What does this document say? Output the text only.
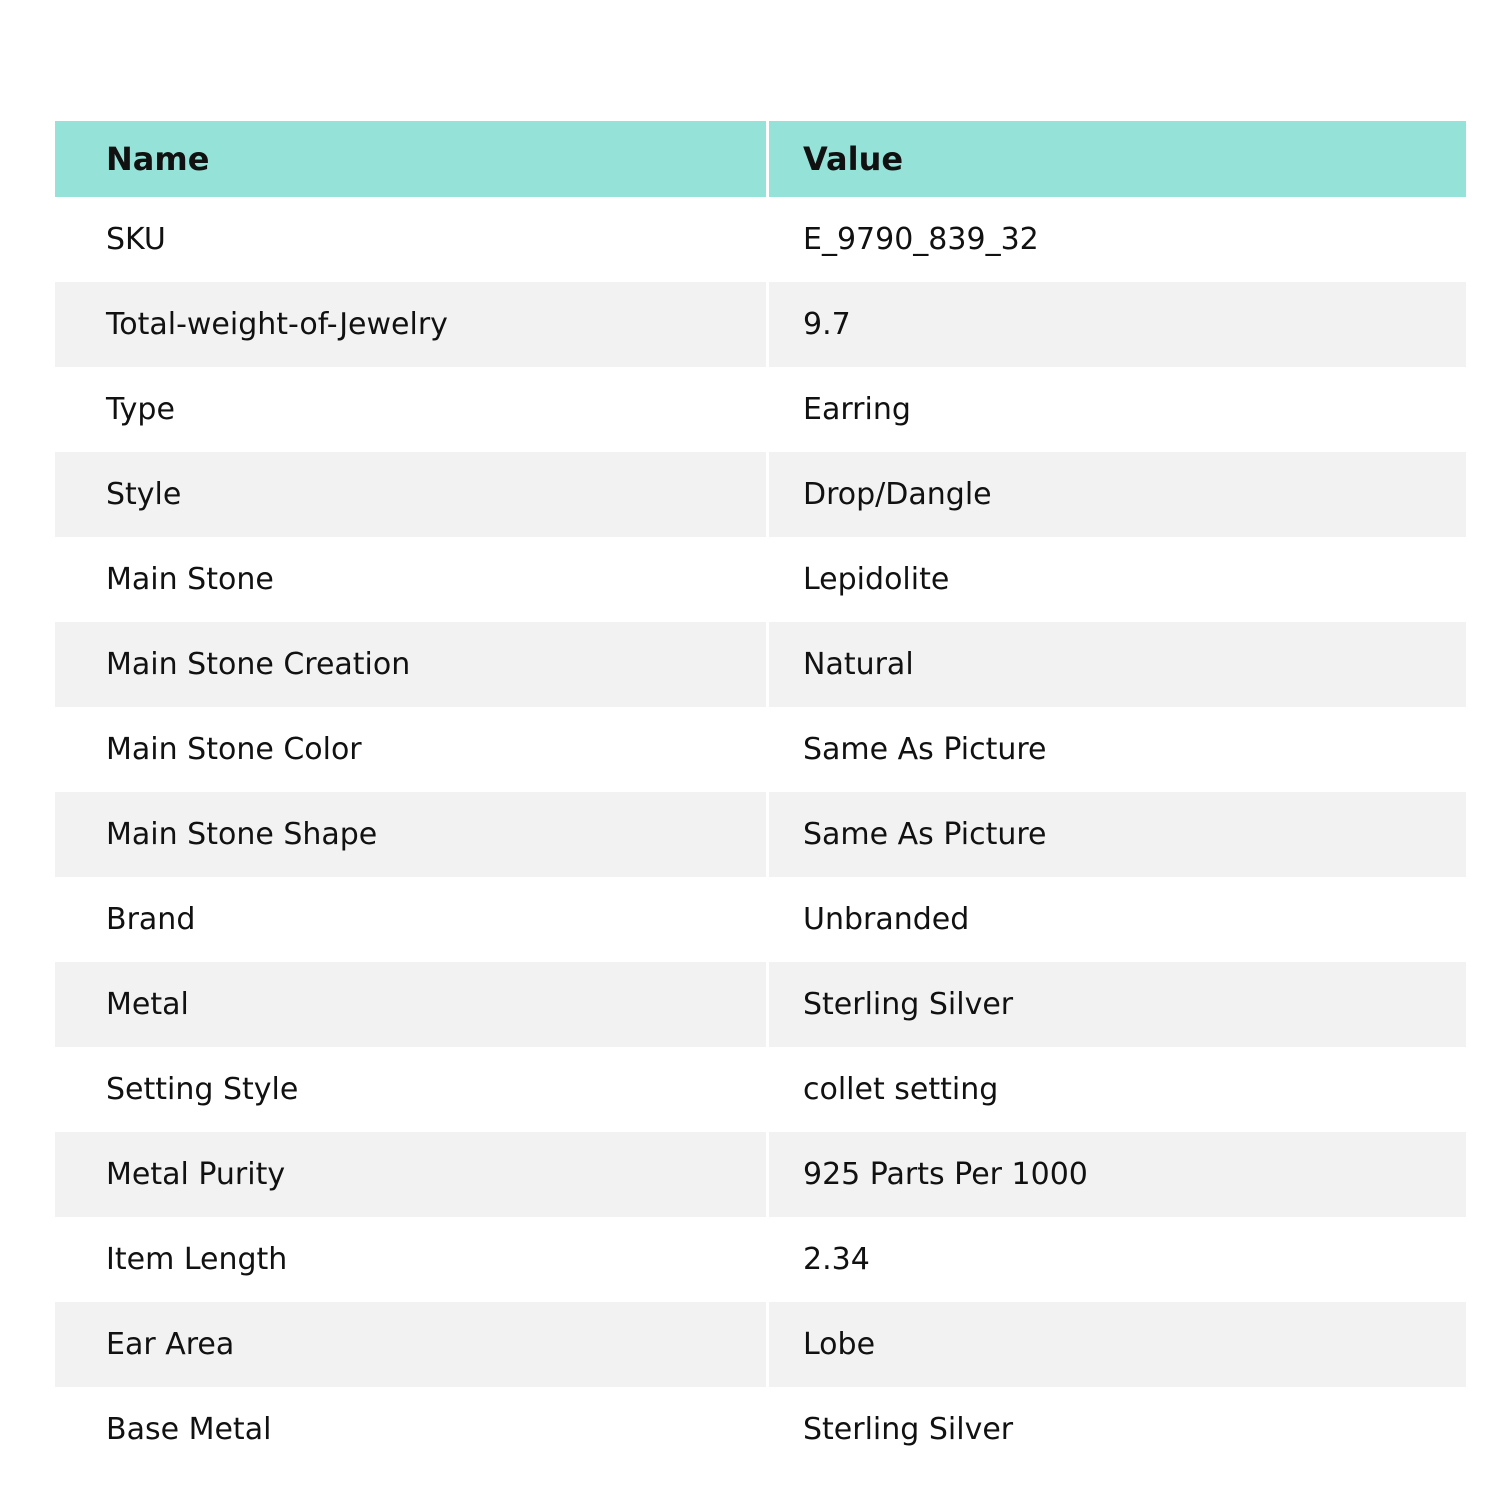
Name	Value
SKU	E_9790_839_32
Total-weight-of-Jewelry	9.7
Type	Earring
Style	Drop/Dangle
Main Stone	Lepidolite
Main Stone Creation	Natural
Main Stone Color	Same As Picture
Main Stone Shape	Same As Picture
Brand	Unbranded
Metal	Sterling Silver
Setting Style	collet setting
Metal Purity	925 Parts Per 1000
Item Length	2.34
Ear Area	Lobe
Base Metal	Sterling Silver
